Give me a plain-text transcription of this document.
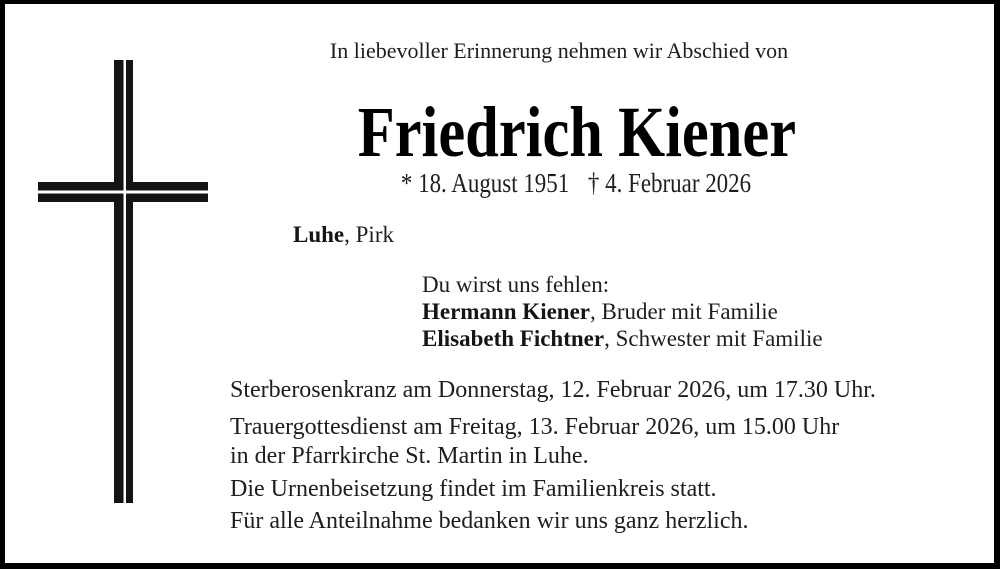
In liebevoller Erinnerung nehmen wir Abschied von
Friedrich Kiener
* 18. August 1951 † 4. Februar 2026
Luhe, Pirk
Du wirst uns fehlen:
Hermann Kiener, Bruder mit Familie
Elisabeth Fichtner, Schwester mit Familie
Sterberosenkranz am Donnerstag, 12. Februar 2026, um 17.30 Uhr.
Trauergottesdienst am Freitag, 13. Februar 2026, um 15.00 Uhr
in der Pfarrkirche St. Martin in Luhe.
Die Urnenbeisetzung findet im Familienkreis statt.
Für alle Anteilnahme bedanken wir uns ganz herzlich.
